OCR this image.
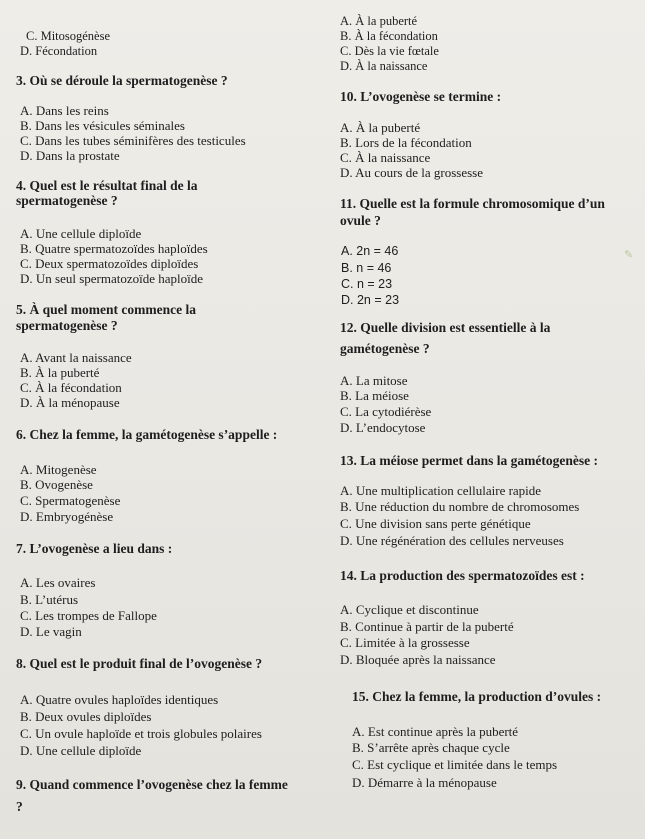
C. Mitosogénèse
D. Fécondation
3. Où se déroule la spermatogenèse ?
A. Dans les reins
B. Dans les vésicules séminales
C. Dans les tubes séminifères des testicules
D. Dans la prostate
4. Quel est le résultat final de la
spermatogenèse ?
A. Une cellule diploïde
B. Quatre spermatozoïdes haploïdes
C. Deux spermatozoïdes diploïdes
D. Un seul spermatozoïde haploïde
5. À quel moment commence la
spermatogenèse ?
A. Avant la naissance
B. À la puberté
C. À la fécondation
D. À la ménopause
6. Chez la femme, la gamétogenèse s’appelle :
A. Mitogenèse
B. Ovogenèse
C. Spermatogenèse
D. Embryogénèse
7. L’ovogenèse a lieu dans :
A. Les ovaires
B. L’utérus
C. Les trompes de Fallope
D. Le vagin
8. Quel est le produit final de l’ovogenèse ?
A. Quatre ovules haploïdes identiques
B. Deux ovules diploïdes
C. Un ovule haploïde et trois globules polaires
D. Une cellule diploïde
9. Quand commence l’ovogenèse chez la femme
?
A. À la puberté
B. À la fécondation
C. Dès la vie fœtale
D. À la naissance
10. L’ovogenèse se termine :
A. À la puberté
B. Lors de la fécondation
C. À la naissance
D. Au cours de la grossesse
11. Quelle est la formule chromosomique d’un
ovule ?
A. 2n = 46
B. n = 46
C. n = 23
D. 2n = 23
12. Quelle division est essentielle à la
gamétogenèse ?
A. La mitose
B. La méiose
C. La cytodiérèse
D. L’endocytose
13. La méiose permet dans la gamétogenèse :
A. Une multiplication cellulaire rapide
B. Une réduction du nombre de chromosomes
C. Une division sans perte génétique
D. Une régénération des cellules nerveuses
14. La production des spermatozoïdes est :
A. Cyclique et discontinue
B. Continue à partir de la puberté
C. Limitée à la grossesse
D. Bloquée après la naissance
15. Chez la femme, la production d’ovules :
A. Est continue après la puberté
B. S’arrête après chaque cycle
C. Est cyclique et limitée dans le temps
D. Démarre à la ménopause
✎
